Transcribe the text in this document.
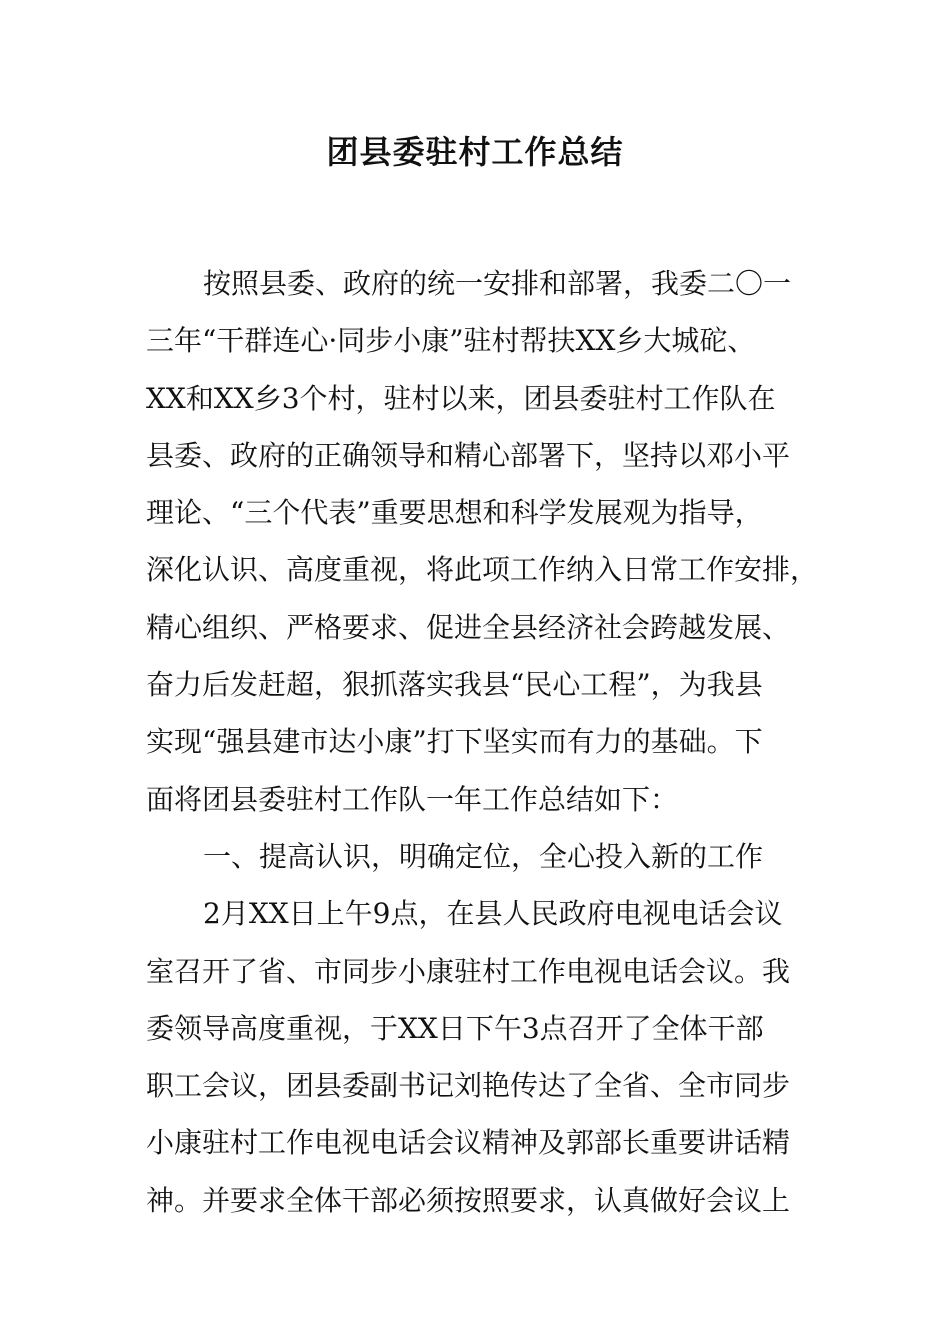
团县委驻村工作总结
按照县委、政府的统一安排和部署，我委二〇一
三年“干群连心·同步小康”驻村帮扶XX乡大城砣、
XX和XX乡3个村，驻村以来，团县委驻村工作队在
县委、政府的正确领导和精心部署下，坚持以邓小平
理论、“三个代表”重要思想和科学发展观为指导，
深化认识、高度重视，将此项工作纳入日常工作安排，
精心组织、严格要求、促进全县经济社会跨越发展、
奋力后发赶超，狠抓落实我县“民心工程”，为我县
实现“强县建市达小康”打下坚实而有力的基础。下
面将团县委驻村工作队一年工作总结如下：
一、提高认识，明确定位，全心投入新的工作
2月XX日上午9点，在县人民政府电视电话会议
室召开了省、市同步小康驻村工作电视电话会议。我
委领导高度重视，于XX日下午3点召开了全体干部
职工会议，团县委副书记刘艳传达了全省、全市同步
小康驻村工作电视电话会议精神及郭部长重要讲话精
神。并要求全体干部必须按照要求，认真做好会议上
